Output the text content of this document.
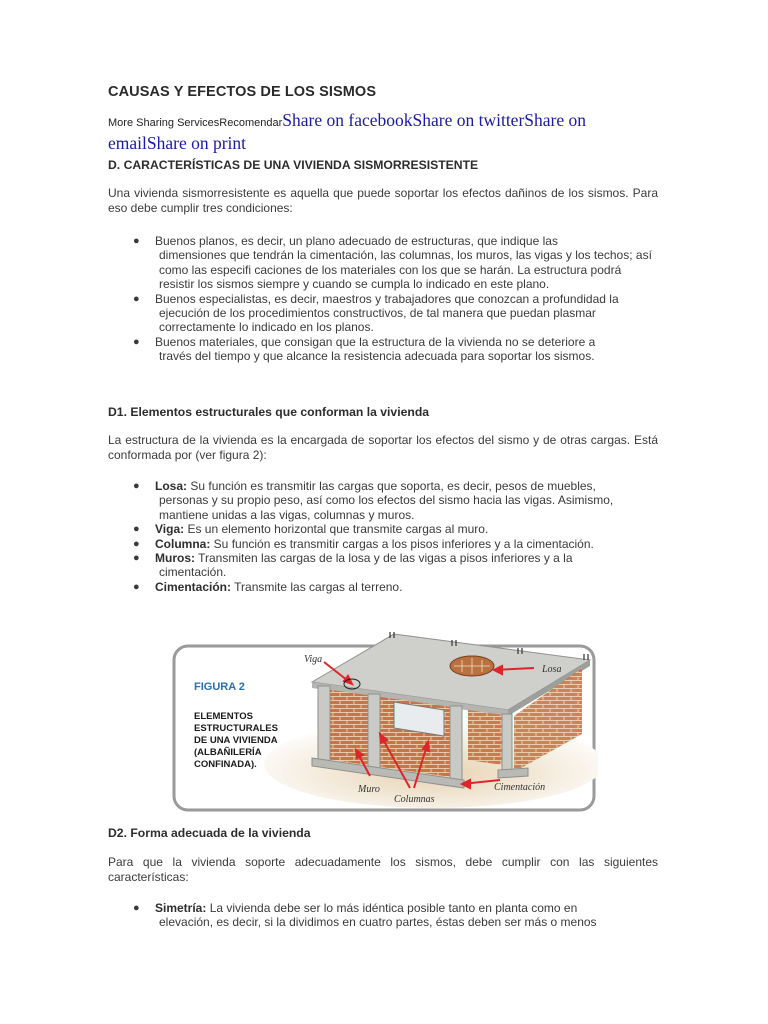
CAUSAS Y EFECTOS DE LOS SISMOS
More Sharing ServicesRecomendarShare on facebookShare on twitterShare on emailShare on print
D. CARACTERÍSTICAS DE UNA VIVIENDA SISMORRESISTENTE
Una vivienda sismorresistente es aquella que puede soportar los efectos dañinos de los sismos. Para eso debe cumplir tres condiciones:
● Buenos planos, es decir, un plano adecuado de estructuras, que indique las
dimensiones que tendrán la cimentación, las columnas, los muros, las vigas y los techos; así como las especifi caciones de los materiales con los que se harán. La estructura podrá resistir los sismos siempre y cuando se cumpla lo indicado en este plano.
● Buenos especialistas, es decir, maestros y trabajadores que conozcan a profundidad la
ejecución de los procedimientos constructivos, de tal manera que puedan plasmar correctamente lo indicado en los planos.
● Buenos materiales, que consigan que la estructura de la vivienda no se deteriore a
través del tiempo y que alcance la resistencia adecuada para soportar los sismos.
D1. Elementos estructurales que conforman la vivienda
La estructura de la vivienda es la encargada de soportar los efectos del sismo y de otras cargas. Está conformada por (ver figura 2):
● Losa: Su función es transmitir las cargas que soporta, es decir, pesos de muebles,
personas y su propio peso, así como los efectos del sismo hacia las vigas. Asimismo, mantiene unidas a las vigas, columnas y muros.
● Viga: Es un elemento horizontal que transmite cargas al muro.
● Columna: Su función es transmitir cargas a los pisos inferiores y a la cimentación.
● Muros: Transmiten las cargas de la losa y de las vigas a pisos inferiores y a la
cimentación.
● Cimentación: Transmite las cargas al terreno.
D2. Forma adecuada de la vivienda
Para que la vivienda soporte adecuadamente los sismos, debe cumplir con las siguientes características:
● Simetría: La vivienda debe ser lo más idéntica posible tanto en planta como en
elevación, es decir, si la dividimos en cuatro partes, éstas deben ser más o menos
FIGURA 2
ELEMENTOS
ESTRUCTURALES
DE UNA VIVIENDA
(ALBAÑILERÍA
CONFINADA).
Viga
Losa
Muro
Columnas
Cimentación
